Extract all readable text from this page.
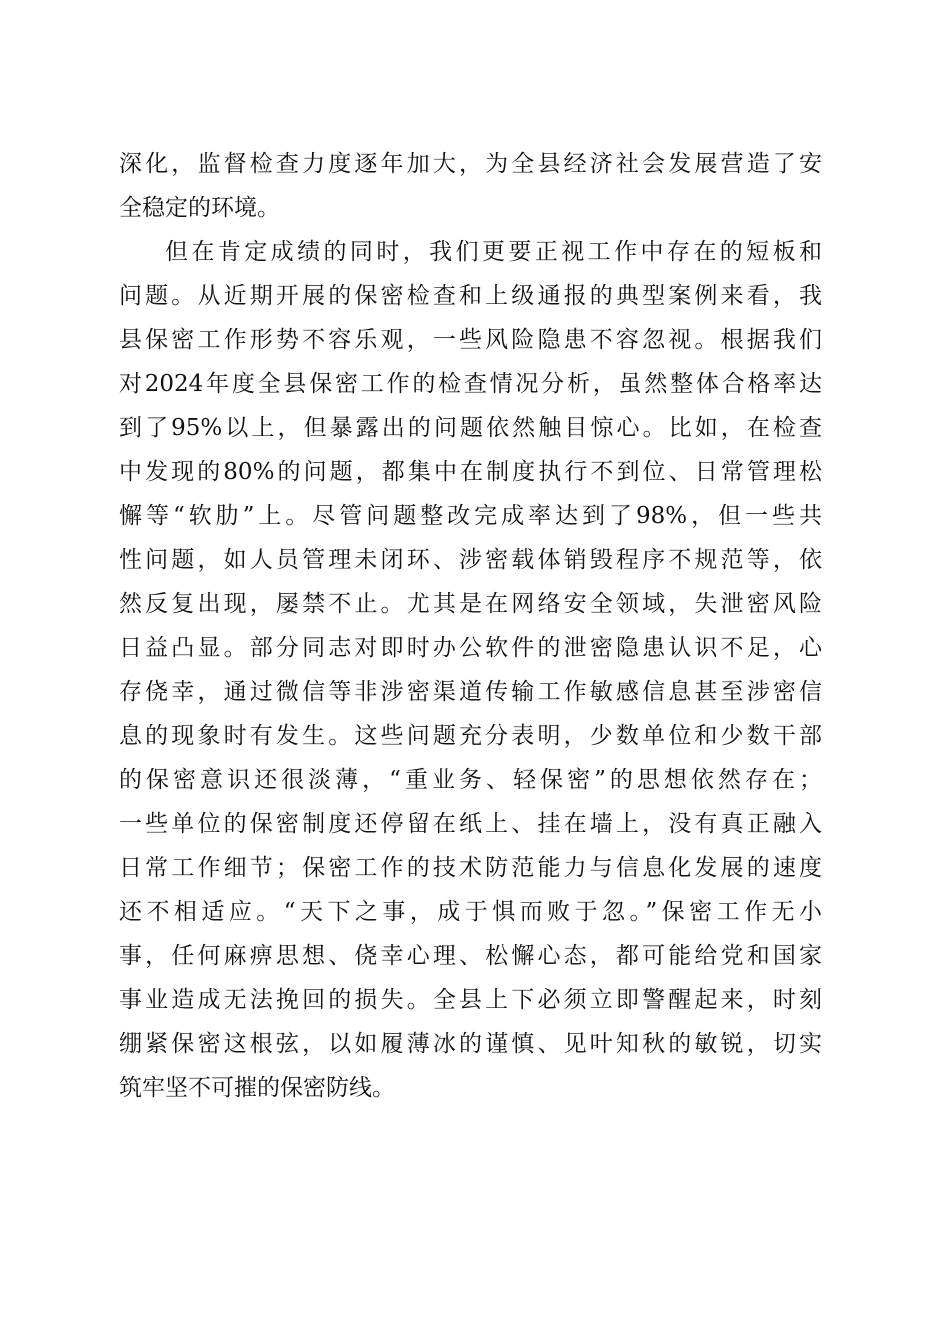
深化，监督检查力度逐年加大，为全县经济社会发展营造了安
全稳定的环境。
但在肯定成绩的同时，我们更要正视工作中存在的短板和
问题。从近期开展的保密检查和上级通报的典型案例来看，我
县保密工作形势不容乐观，一些风险隐患不容忽视。根据我们
对2024年度全县保密工作的检查情况分析，虽然整体合格率达
到了95%以上，但暴露出的问题依然触目惊心。比如，在检查
中发现的80%的问题，都集中在制度执行不到位、日常管理松
懈等“软肋”上。尽管问题整改完成率达到了98%，但一些共
性问题，如人员管理未闭环、涉密载体销毁程序不规范等，依
然反复出现，屡禁不止。尤其是在网络安全领域，失泄密风险
日益凸显。部分同志对即时办公软件的泄密隐患认识不足，心
存侥幸，通过微信等非涉密渠道传输工作敏感信息甚至涉密信
息的现象时有发生。这些问题充分表明，少数单位和少数干部
的保密意识还很淡薄，“重业务、轻保密”的思想依然存在；
一些单位的保密制度还停留在纸上、挂在墙上，没有真正融入
日常工作细节；保密工作的技术防范能力与信息化发展的速度
还不相适应。“天下之事，成于惧而败于忽。”保密工作无小
事，任何麻痹思想、侥幸心理、松懈心态，都可能给党和国家
事业造成无法挽回的损失。全县上下必须立即警醒起来，时刻
绷紧保密这根弦，以如履薄冰的谨慎、见叶知秋的敏锐，切实
筑牢坚不可摧的保密防线。
